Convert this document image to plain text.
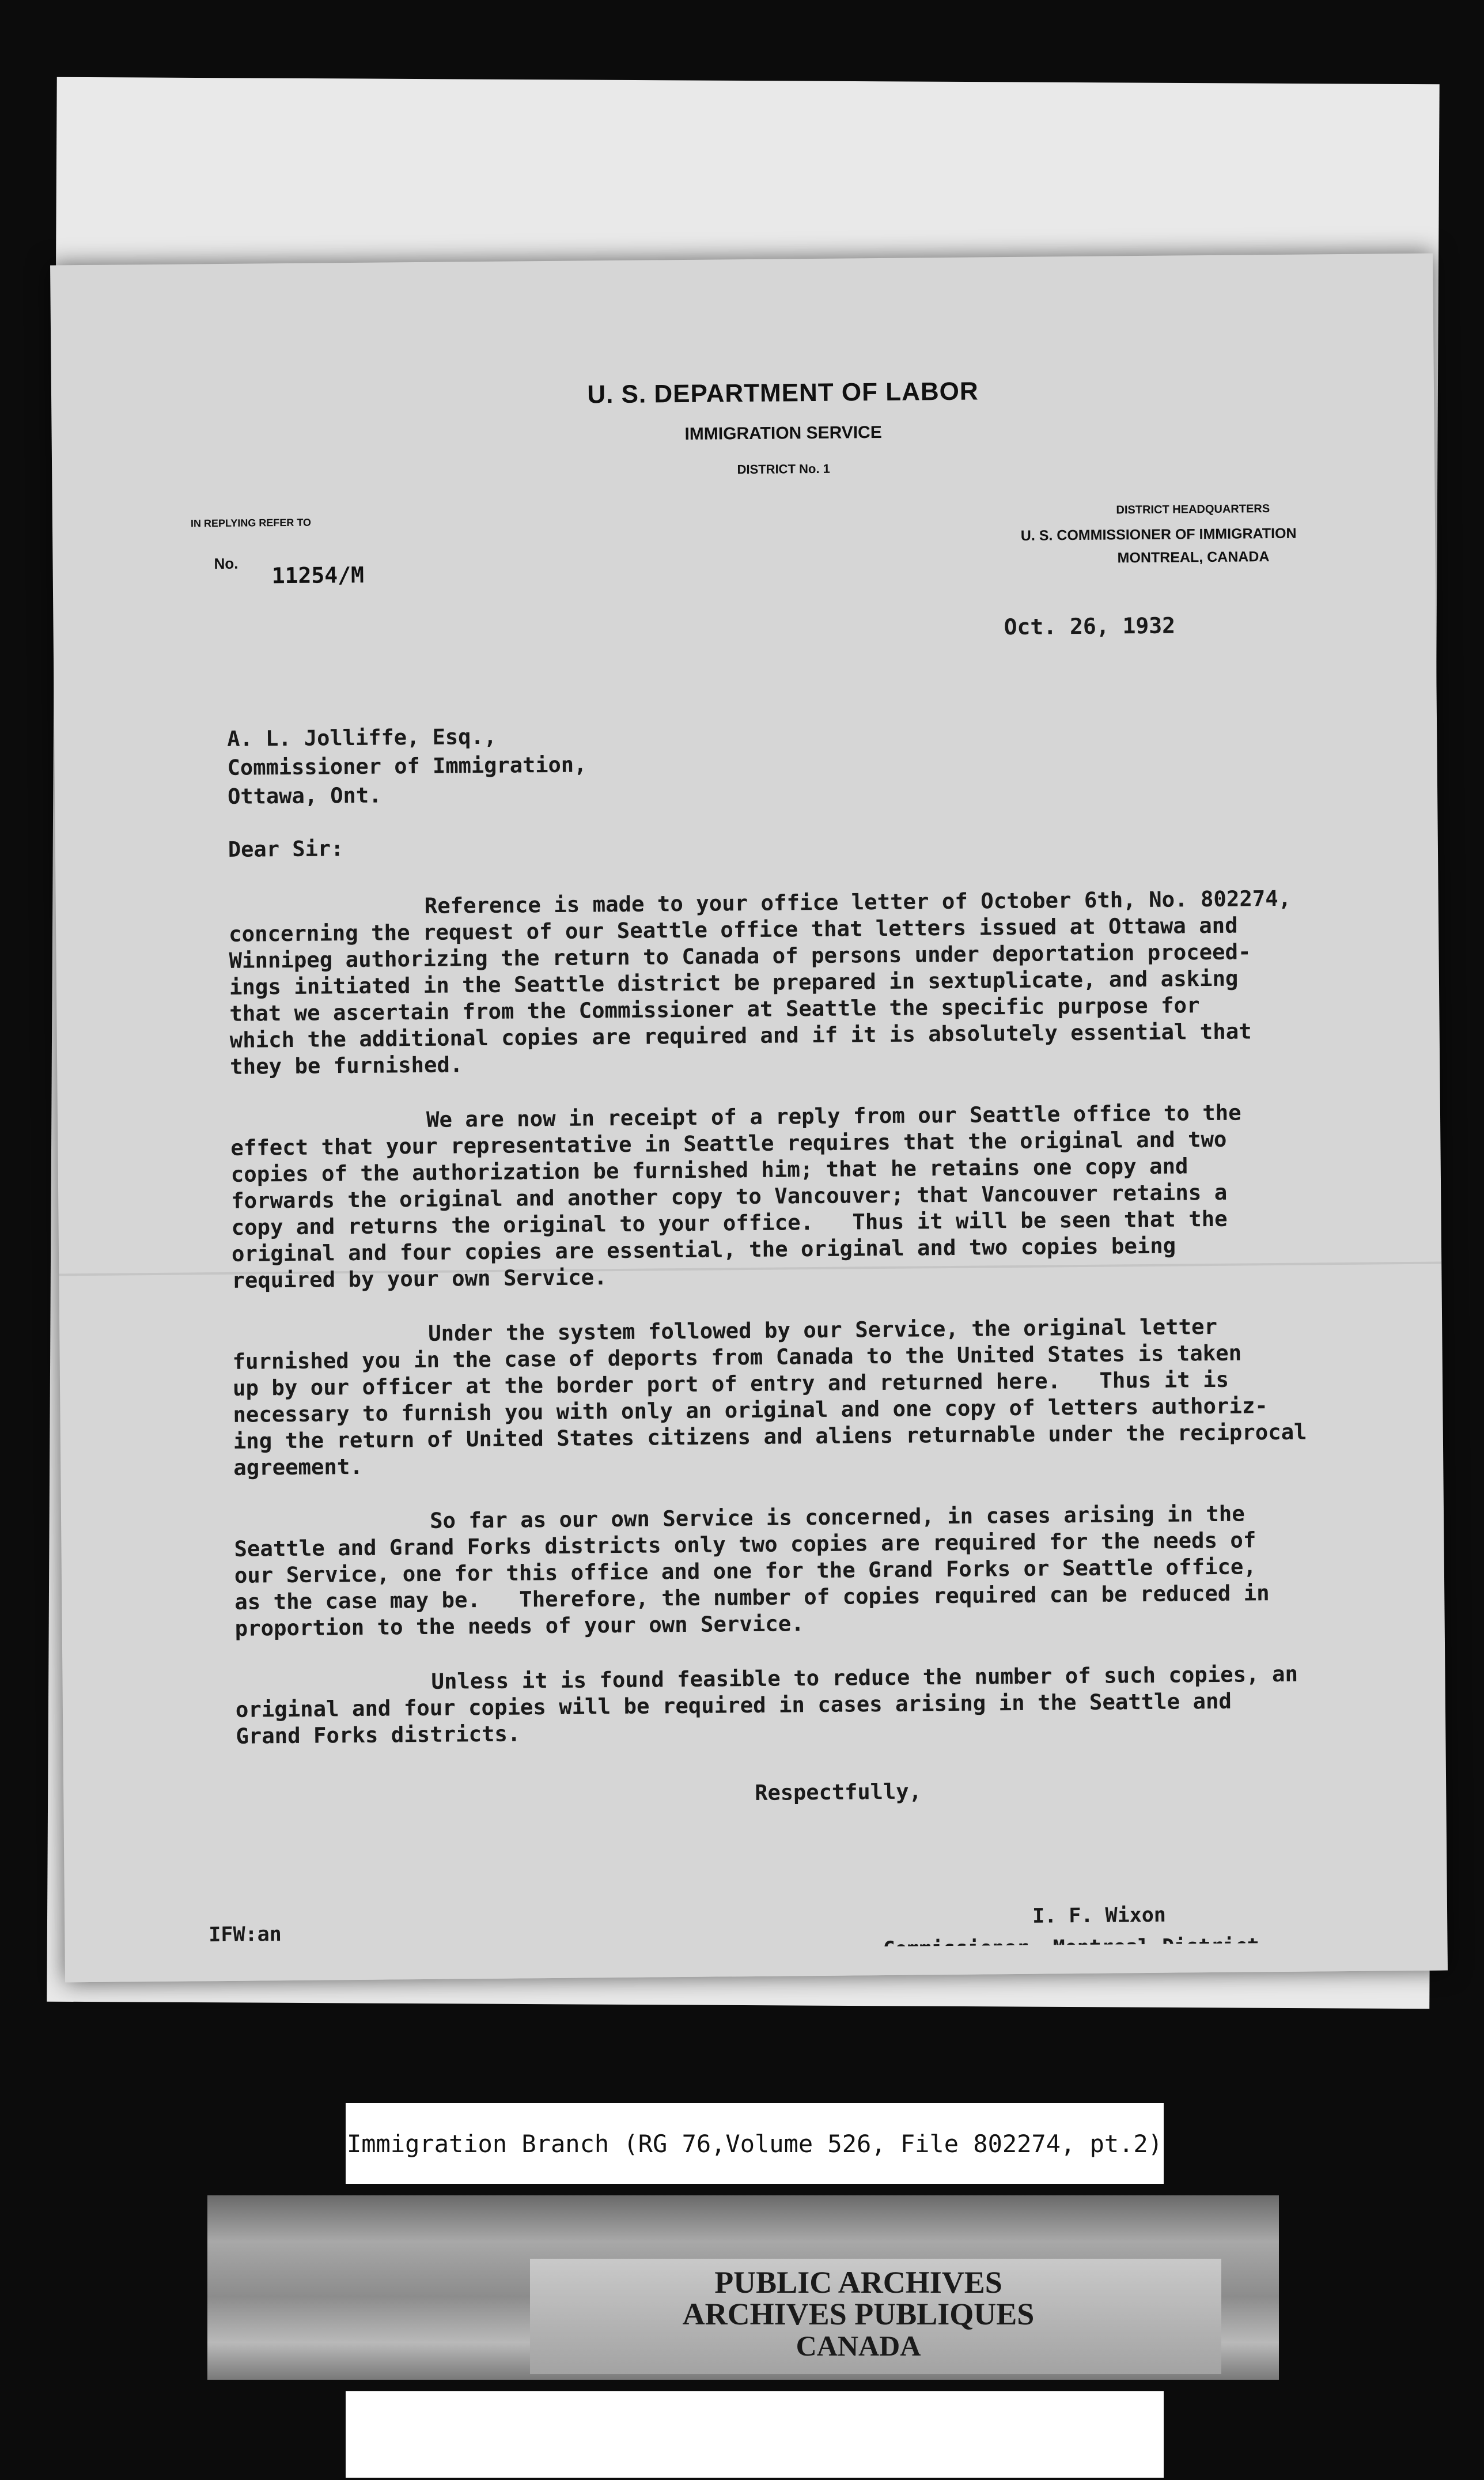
U. S. DEPARTMENT OF LABOR
IMMIGRATION SERVICE
DISTRICT No. 1
IN REPLYING REFER TO
No. 11254/M
DISTRICT HEADQUARTERS
U. S. COMMISSIONER OF IMMIGRATION
MONTREAL, CANADA
Oct. 26, 1932
A. L. Jolliffe, Esq.,
Commissioner of Immigration,
Ottawa, Ont.
Dear Sir:
Reference is made to your office letter of October 6th, No. 802274,
concerning the request of our Seattle office that letters issued at Ottawa and
Winnipeg authorizing the return to Canada of persons under deportation proceed-
ings initiated in the Seattle district be prepared in sextuplicate, and asking
that we ascertain from the Commissioner at Seattle the specific purpose for
which the additional copies are required and if it is absolutely essential that
they be furnished.
We are now in receipt of a reply from our Seattle office to the
effect that your representative in Seattle requires that the original and two
copies of the authorization be furnished him; that he retains one copy and
forwards the original and another copy to Vancouver; that Vancouver retains a
copy and returns the original to your office.   Thus it will be seen that the
original and four copies are essential, the original and two copies being
required by your own Service.
Under the system followed by our Service, the original letter
furnished you in the case of deports from Canada to the United States is taken
up by our officer at the border port of entry and returned here.   Thus it is
necessary to furnish you with only an original and one copy of letters authoriz-
ing the return of United States citizens and aliens returnable under the reciprocal
agreement.
So far as our own Service is concerned, in cases arising in the
Seattle and Grand Forks districts only two copies are required for the needs of
our Service, one for this office and one for the Grand Forks or Seattle office,
as the case may be.   Therefore, the number of copies required can be reduced in
proportion to the needs of your own Service.
Unless it is found feasible to reduce the number of such copies, an
original and four copies will be required in cases arising in the Seattle and
Grand Forks districts.
Respectfully,
IFW:an
I. F. Wixon
Immigration Branch (RG 76,Volume 526, File 802274, pt.2)
PUBLIC ARCHIVES
ARCHIVES PUBLIQUES
CANADA
